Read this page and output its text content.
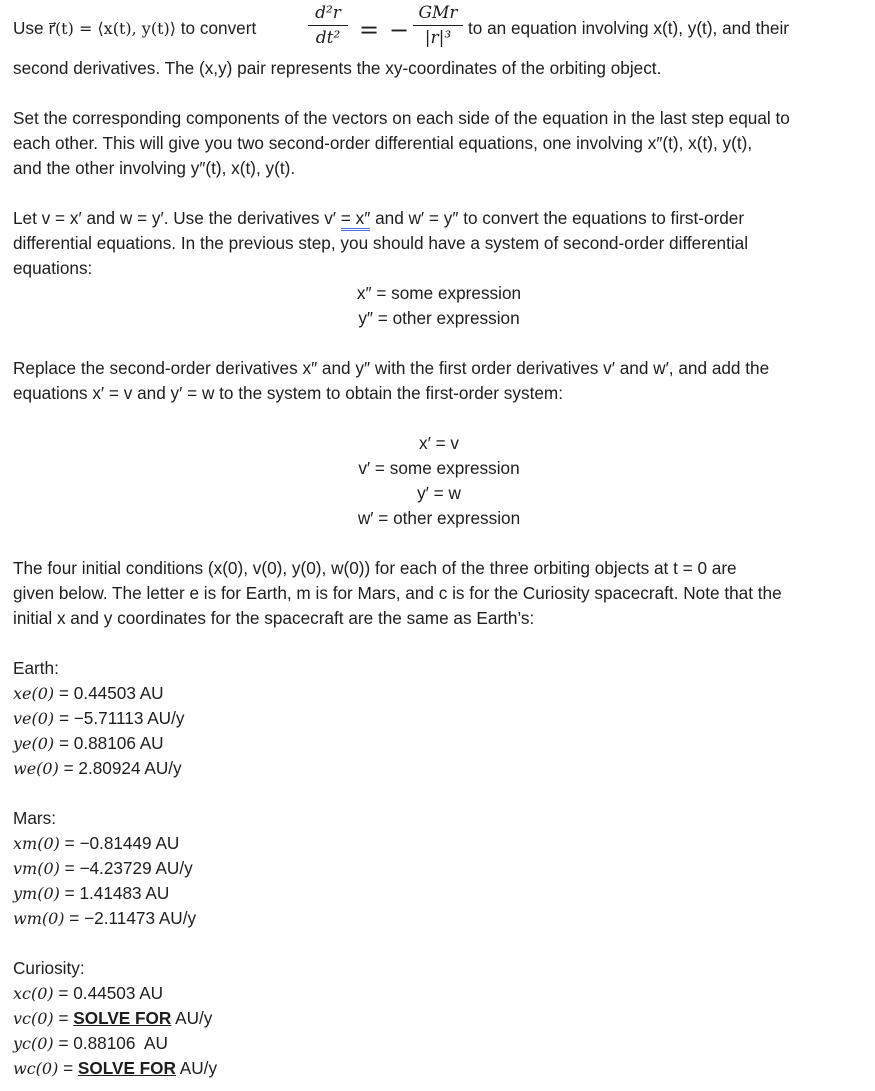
Use r⃗(t) = ⟨x(t), y(t)⟩ to convert
d²r
dt² = −
GMr
|r|³ to an equation involving x(t), y(t), and their
second derivatives. The (x,y) pair represents the xy-coordinates of the orbiting object.
Set the corresponding components of the vectors on each side of the equation in the last step equal to
each other. This will give you two second-order differential equations, one involving x″(t), x(t), y(t),
and the other involving y″(t), x(t), y(t).
Let v = x′ and w = y′. Use the derivatives v′ = x″ and w′ = y″ to convert the equations to first-order
differential equations. In the previous step, you should have a system of second-order differential
equations:
x″ = some expression
y″ = other expression
Replace the second-order derivatives x″ and y″ with the first order derivatives v′ and w′, and add the
equations x′ = v and y′ = w to the system to obtain the first-order system:
x′ = v
v′ = some expression
y′ = w
w′ = other expression
The four initial conditions (x(0), v(0), y(0), w(0)) for each of the three orbiting objects at t = 0 are
given below. The letter e is for Earth, m is for Mars, and c is for the Curiosity spacecraft. Note that the
initial x and y coordinates for the spacecraft are the same as Earth’s:
Earth:
xe(0) = 0.44503 AU
ve(0) = −5.71113 AU/y
ye(0) = 0.88106 AU
we(0) = 2.80924 AU/y
Mars:
xm(0) = −0.81449 AU
vm(0) = −4.23729 AU/y
ym(0) = 1.41483 AU
wm(0) = −2.11473 AU/y
Curiosity:
xc(0) = 0.44503 AU
vc(0) = SOLVE FOR AU/y
yc(0) = 0.88106  AU
wc(0) = SOLVE FOR AU/y
